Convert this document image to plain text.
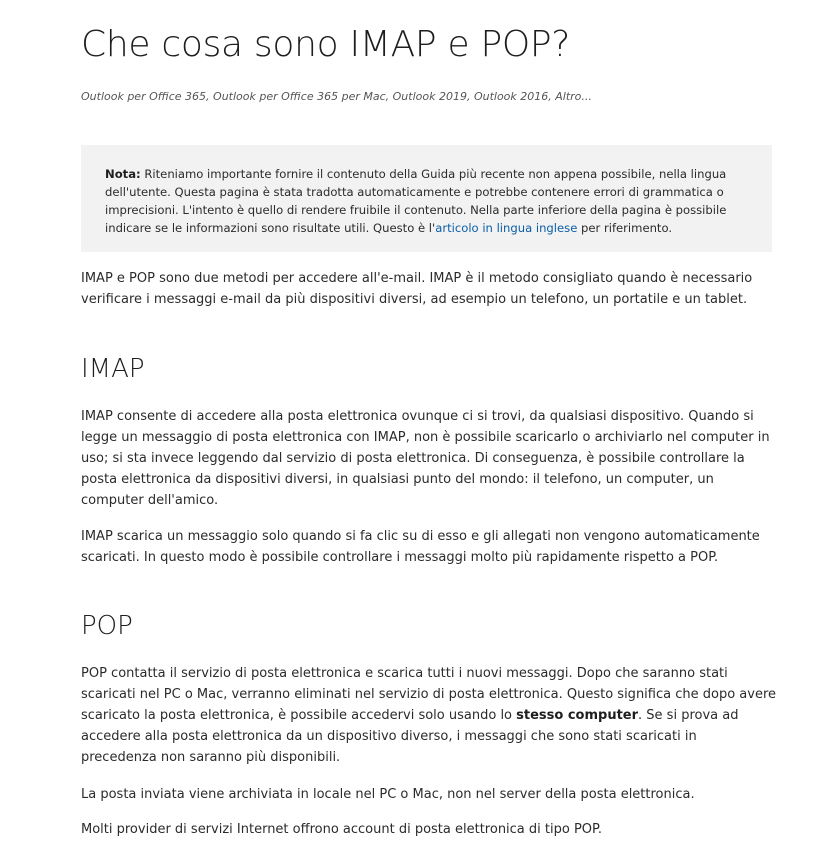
Che cosa sono IMAP e POP?
Outlook per Office 365, Outlook per Office 365 per Mac, Outlook 2019, Outlook 2016, Altro...
Nota: Riteniamo importante fornire il contenuto della Guida più recente non appena possibile, nella lingua dell'utente. Questa pagina è stata tradotta automaticamente e potrebbe contenere errori di grammatica o imprecisioni. L'intento è quello di rendere fruibile il contenuto. Nella parte inferiore della pagina è possibile indicare se le informazioni sono risultate utili. Questo è l'articolo in lingua inglese per riferimento.

IMAP e POP sono due metodi per accedere all'e-mail. IMAP è il metodo consigliato quando è necessario verificare i messaggi e-mail da più dispositivi diversi, ad esempio un telefono, un portatile e un tablet.

IMAP

IMAP consente di accedere alla posta elettronica ovunque ci si trovi, da qualsiasi dispositivo. Quando si legge un messaggio di posta elettronica con IMAP, non è possibile scaricarlo o archiviarlo nel computer in uso; si sta invece leggendo dal servizio di posta elettronica. Di conseguenza, è possibile controllare la posta elettronica da dispositivi diversi, in qualsiasi punto del mondo: il telefono, un computer, un computer dell'amico.

IMAP scarica un messaggio solo quando si fa clic su di esso e gli allegati non vengono automaticamente scaricati. In questo modo è possibile controllare i messaggi molto più rapidamente rispetto a POP.

POP

POP contatta il servizio di posta elettronica e scarica tutti i nuovi messaggi. Dopo che saranno stati scaricati nel PC o Mac, verranno eliminati nel servizio di posta elettronica. Questo significa che dopo avere scaricato la posta elettronica, è possibile accedervi solo usando lo stesso computer. Se si prova ad accedere alla posta elettronica da un dispositivo diverso, i messaggi che sono stati scaricati in precedenza non saranno più disponibili.

La posta inviata viene archiviata in locale nel PC o Mac, non nel server della posta elettronica.

Molti provider di servizi Internet offrono account di posta elettronica di tipo POP.
